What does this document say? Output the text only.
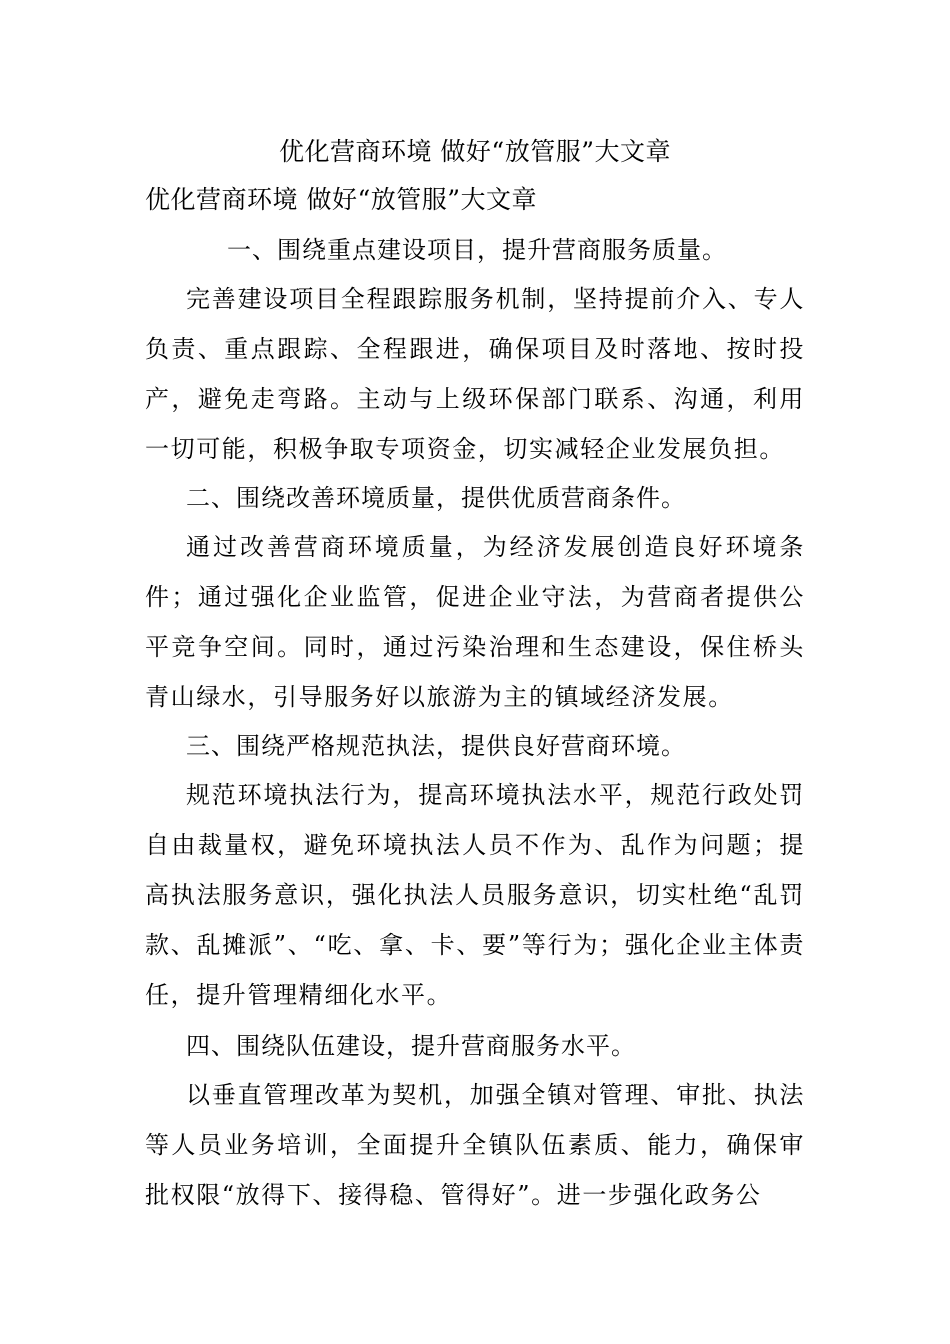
优化营商环境 做好“放管服”大文章
优化营商环境 做好“放管服”大文章
一、围绕重点建设项目，提升营商服务质量。

完善建设项目全程跟踪服务机制，坚持提前介入、专人负责、重点跟踪、全程跟进，确保项目及时落地、按时投产，避免走弯路。主动与上级环保部门联系、沟通，利用一切可能，积极争取专项资金，切实减轻企业发展负担。

二、围绕改善环境质量，提供优质营商条件。

通过改善营商环境质量，为经济发展创造良好环境条件；通过强化企业监管，促进企业守法，为营商者提供公平竞争空间。同时，通过污染治理和生态建设，保住桥头青山绿水，引导服务好以旅游为主的镇域经济发展。

三、围绕严格规范执法，提供良好营商环境。

规范环境执法行为，提高环境执法水平，规范行政处罚自由裁量权，避免环境执法人员不作为、乱作为问题；提高执法服务意识，强化执法人员服务意识，切实杜绝“乱罚款、乱摊派”、“吃、拿、卡、要”等行为；强化企业主体责任，提升管理精细化水平。

四、围绕队伍建设，提升营商服务水平。

以垂直管理改革为契机，加强全镇对管理、审批、执法等人员业务培训，全面提升全镇队伍素质、能力，确保审批权限“放得下、接得稳、管得好”。进一步强化政务公
